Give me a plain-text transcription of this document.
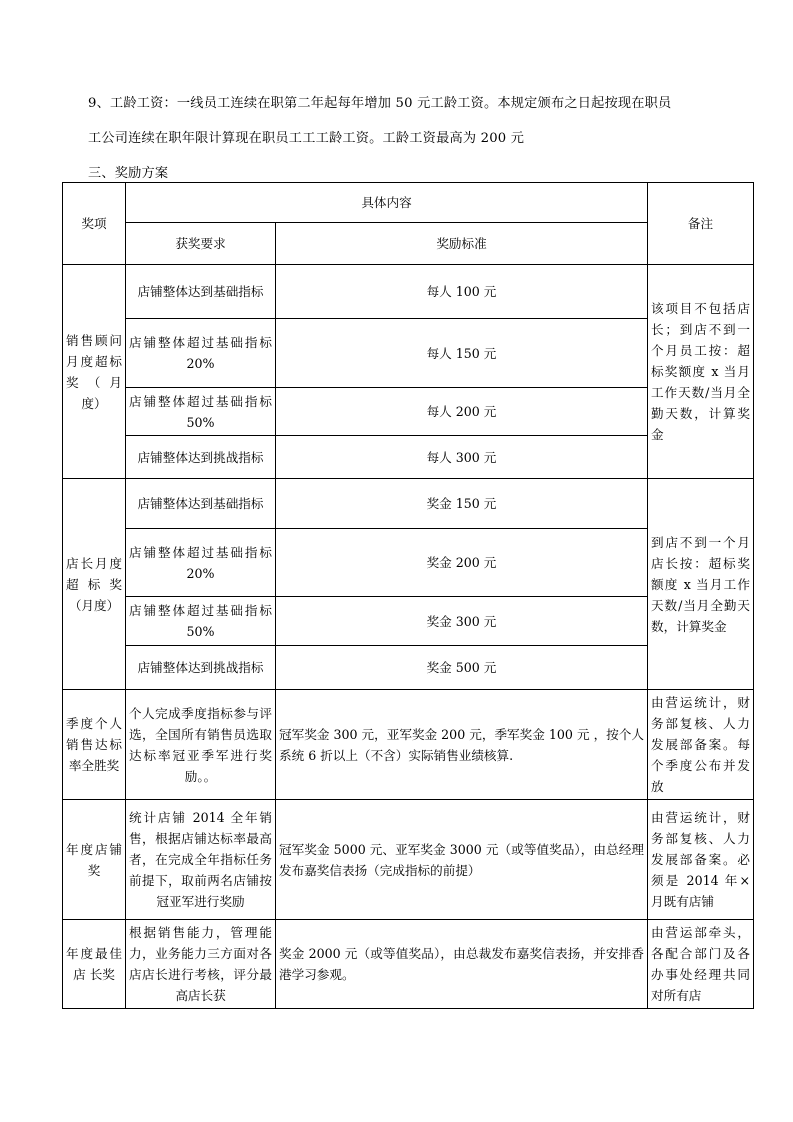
9、工龄工资：一线员工连续在职第二年起每年增加 50 元工龄工资。本规定颁布之日起按现在职员
工公司连续在职年限计算现在职员工工工龄工资。工龄工资最高为 200 元
三、奖励方案
奖项	具体内容		备注
	获奖要求	奖励标准	
销售顾问月度超标奖（月度）	店铺整体达到基础指标	每人 100 元	该项目不包括店长；到店不到一个月员工按：超标奖额度 x 当月工作天数/当月全勤天数，计算奖金
	店铺整体超过基础指标 20%	每人 150 元	
	店铺整体超过基础指标 50%	每人 200 元	
	店铺整体达到挑战指标	每人 300 元	
店长月度超标奖（月度）	店铺整体达到基础指标	奖金 150 元	到店不到一个月店长按：超标奖额度 x 当月工作天数/当月全勤天数，计算奖金
	店铺整体超过基础指标 20%	奖金 200 元	
	店铺整体超过基础指标 50%	奖金 300 元	
	店铺整体达到挑战指标	奖金 500 元	
季度个人销售达标率全胜奖	个人完成季度指标参与评选，全国所有销售员选取达标率冠亚季军进行奖励。。	冠军奖金 300 元，亚军奖金 200 元，季军奖金 100 元 ，按个人系统 6 折以上（不含）实际销售业绩核算.	由营运统计，财务部复核、人力发展部备案。每个季度公布并发放
年度店铺奖	统计店铺 2014 全年销售，根据店铺达标率最高者，在完成全年指标任务前提下，取前两名店铺按冠亚军进行奖励	冠军奖金 5000 元、亚军奖金 3000 元（或等值奖品），由总经理发布嘉奖信表扬（完成指标的前提）	由营运统计，财务部复核、人力发展部备案。必须是 2014 年×月既有店铺
年度最佳 店 长奖	根据销售能力，管理能力，业务能力三方面对各店店长进行考核，评分最高店长获	奖金 2000 元（或等值奖品），由总裁发布嘉奖信表扬，并安排香港学习参观。	由营运部牵头，各配合部门及各办事处经理共同对所有店
